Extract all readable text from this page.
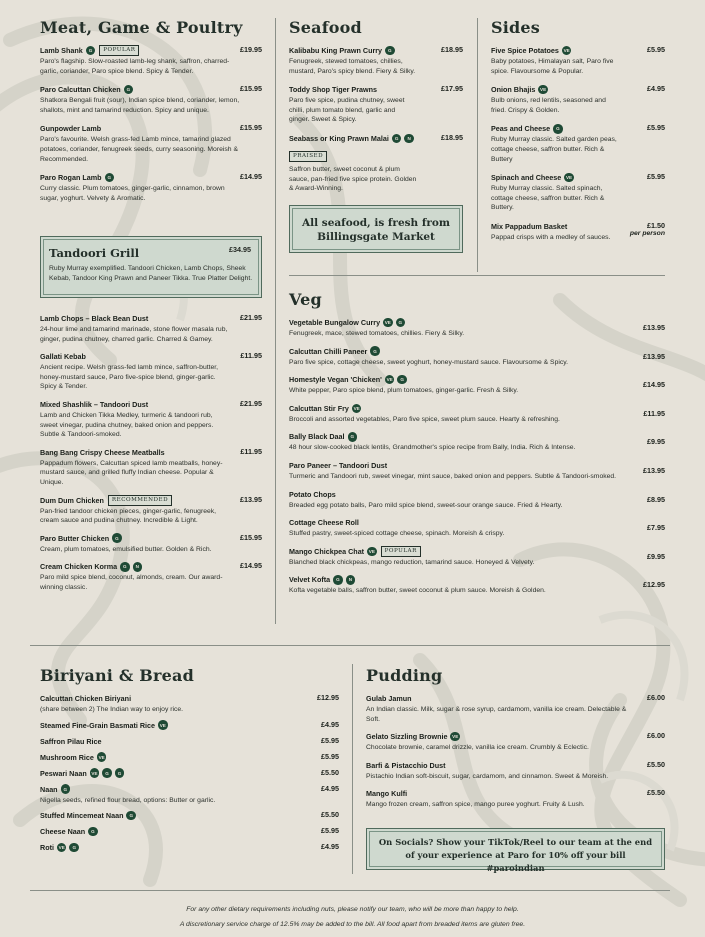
Meat, Game & Poultry
Lamb Shank	G	POPULAR	£19.95
Paro's flagship. Slow-roasted lamb-leg shank, saffron, charred-garlic, coriander, Paro spice blend. Spicy & Tender.
Paro Calcuttan Chicken	G	£15.95
Shatkora Bengali fruit (sour), Indian spice blend, coriander, lemon, shallots, mint and tamarind reduction. Spicy and unique.
Gunpowder Lamb	£15.95
Paro's favourite. Welsh grass-fed Lamb mince, tamarind glazed potatoes, coriander, fenugreek seeds, curry seasoning. Moreish & Recommended.
Paro Rogan Lamb	G	£14.95
Curry classic. Plum tomatoes, ginger-garlic, cinnamon, brown sugar, yoghurt. Velvety & Aromatic.
Tandoori Grill
Ruby Murray exemplified. Tandoori Chicken, Lamb Chops, Sheek Kebab, Tandoor King Prawn and Paneer Tikka. True Platter Delight.
£34.95
Lamb Chops – Black Bean Dust	£21.95
24-hour lime and tamarind marinade, stone flower masala rub, ginger, pudina chutney, charred garlic. Charred & Gamey.
Gallati Kebab	£11.95
Ancient recipe. Welsh grass-fed lamb mince, saffron-butter, honey-mustard sauce, Paro five-spice blend, ginger-garlic. Spicy & Tender.
Mixed Shashlik – Tandoori Dust	£21.95
Lamb and Chicken Tikka Medley, turmeric & tandoori rub, sweet vinegar, pudina chutney, baked onion and peppers. Subtle & Tandoori-smoked.
Bang Bang Crispy Cheese Meatballs	£11.95
Pappadum flowers, Calcuttan spiced lamb meatballs, honey-mustard sauce, and grilled fluffy Indian cheese. Popular & Unique.
Dum Dum Chicken	RECOMMENDED	£13.95
Pan-fried tandoor chicken pieces, ginger-garlic, fenugreek, cream sauce and pudina chutney. Incredible & Light.
Paro Butter Chicken	G	£15.95
Cream, plum tomatoes, emulsified butter. Golden & Rich.
Cream Chicken Korma	G	N	£14.95
Paro mild spice blend, coconut, almonds, cream. Our award-winning classic.
Seafood
Kalibabu King Prawn Curry	G	£18.95
Fenugreek, stewed tomatoes, chillies, mustard, Paro's spicy blend. Fiery & Silky.
Toddy Shop Tiger Prawns	£17.95
Paro five spice, pudina chutney, sweet chilli, plum tomato blend, garlic and ginger. Sweet & Spicy.
Seabass or King Prawn Malai	G	N
PRAISED
£18.95
Saffron butter, sweet coconut & plum sauce, pan-fried five spice protein. Golden & Award-Winning.
All seafood, is fresh from Billingsgate Market
Sides
Five Spice Potatoes	VE	£5.95
Baby potatoes, Himalayan salt, Paro five spice. Flavoursome & Popular.
Onion Bhajis	VE	£4.95
Bulb onions, red lentils, seasoned and fried. Crispy & Golden.
Peas and Cheese	G	£5.95
Ruby Murray classic. Salted garden peas, cottage cheese, saffron butter. Rich & Buttery
Spinach and Cheese	VE	£5.95
Ruby Murray classic. Salted spinach, cottage cheese, saffron butter. Rich & Buttery.
Mix Pappadum Basket	£1.50
per person
Pappad crisps with a medley of sauces.
Veg
Vegetable Bungalow Curry	VE	G
£13.95
Fenugreek, mace, stewed tomatoes, chillies. Fiery & Silky.
Calcuttan Chilli Paneer	G
£13.95
Paro five spice, cottage cheese, sweet yoghurt, honey-mustard sauce. Flavoursome & Spicy.
Homestyle Vegan 'Chicken'	VE	G
£14.95
White pepper, Paro spice blend, plum tomatoes, ginger-garlic. Fresh & Silky.
Calcuttan Stir Fry	VE
£11.95
Broccoli and assorted vegetables, Paro five spice, sweet plum sauce. Hearty & refreshing.
Bally Black Daal	G
£9.95
48 hour slow-cooked black lentils, Grandmother's spice recipe from Bally, India. Rich & Intense.
Paro Paneer – Tandoori Dust
£13.95
Turmeric and Tandoori rub, sweet vinegar, mint sauce, baked onion and peppers. Subtle & Tandoori-smoked.
Potato Chops
£8.95
Breaded egg potato balls, Paro mild spice blend, sweet-sour orange sauce. Fried & Hearty.
Cottage Cheese Roll
£7.95
Stuffed pastry, sweet-spiced cottage cheese, spinach. Moreish & crispy.
Mango Chickpea Chat	VE	POPULAR
£9.95
Blanched black chickpeas, mango reduction, tamarind sauce. Honeyed & Velvety.
Velvet Kofta	G	N
£12.95
Kofta vegetable balls, saffron butter, sweet coconut & plum sauce. Moreish & Golden.
Biriyani & Bread
Calcuttan Chicken Biriyani	£12.95
(share between 2) The Indian way to enjoy rice.
Steamed Fine-Grain Basmati Rice	VE	£4.95
Saffron Pilau Rice	£5.95
Mushroom Rice	VE	£5.95
Peswari Naan	VE	G	G	£5.50
Naan	G	£4.95
Nigella seeds, refined flour bread, options: Butter or garlic.
Stuffed Mincemeat Naan	G	£5.50
Cheese Naan	G	£5.95
Roti	VE	G	£4.95
Pudding
Gulab Jamun	£6.00
An Indian classic. Milk, sugar & rose syrup, cardamom, vanilla ice cream. Delectable & Soft.
Gelato Sizzling Brownie	VE	£6.00
Chocolate brownie, caramel drizzle, vanilla ice cream. Crumbly & Eclectic.
Barfi & Pistacchio Dust	£5.50
Pistachio Indian soft-biscuit, sugar, cardamom, and cinnamon. Sweet & Moreish.
Mango Kulfi	£5.50
Mango frozen cream, saffron spice, mango puree yoghurt. Fruity & Lush.
On Socials? Show your TikTok/Reel to our team at the end of your experience at Paro for 10% off your bill #paroindian
For any other dietary requirements including nuts, please notify our team, who will be more than happy to help.
A discretionary service charge of 12.5% may be added to the bill. All food apart from breaded items are gluten free.
